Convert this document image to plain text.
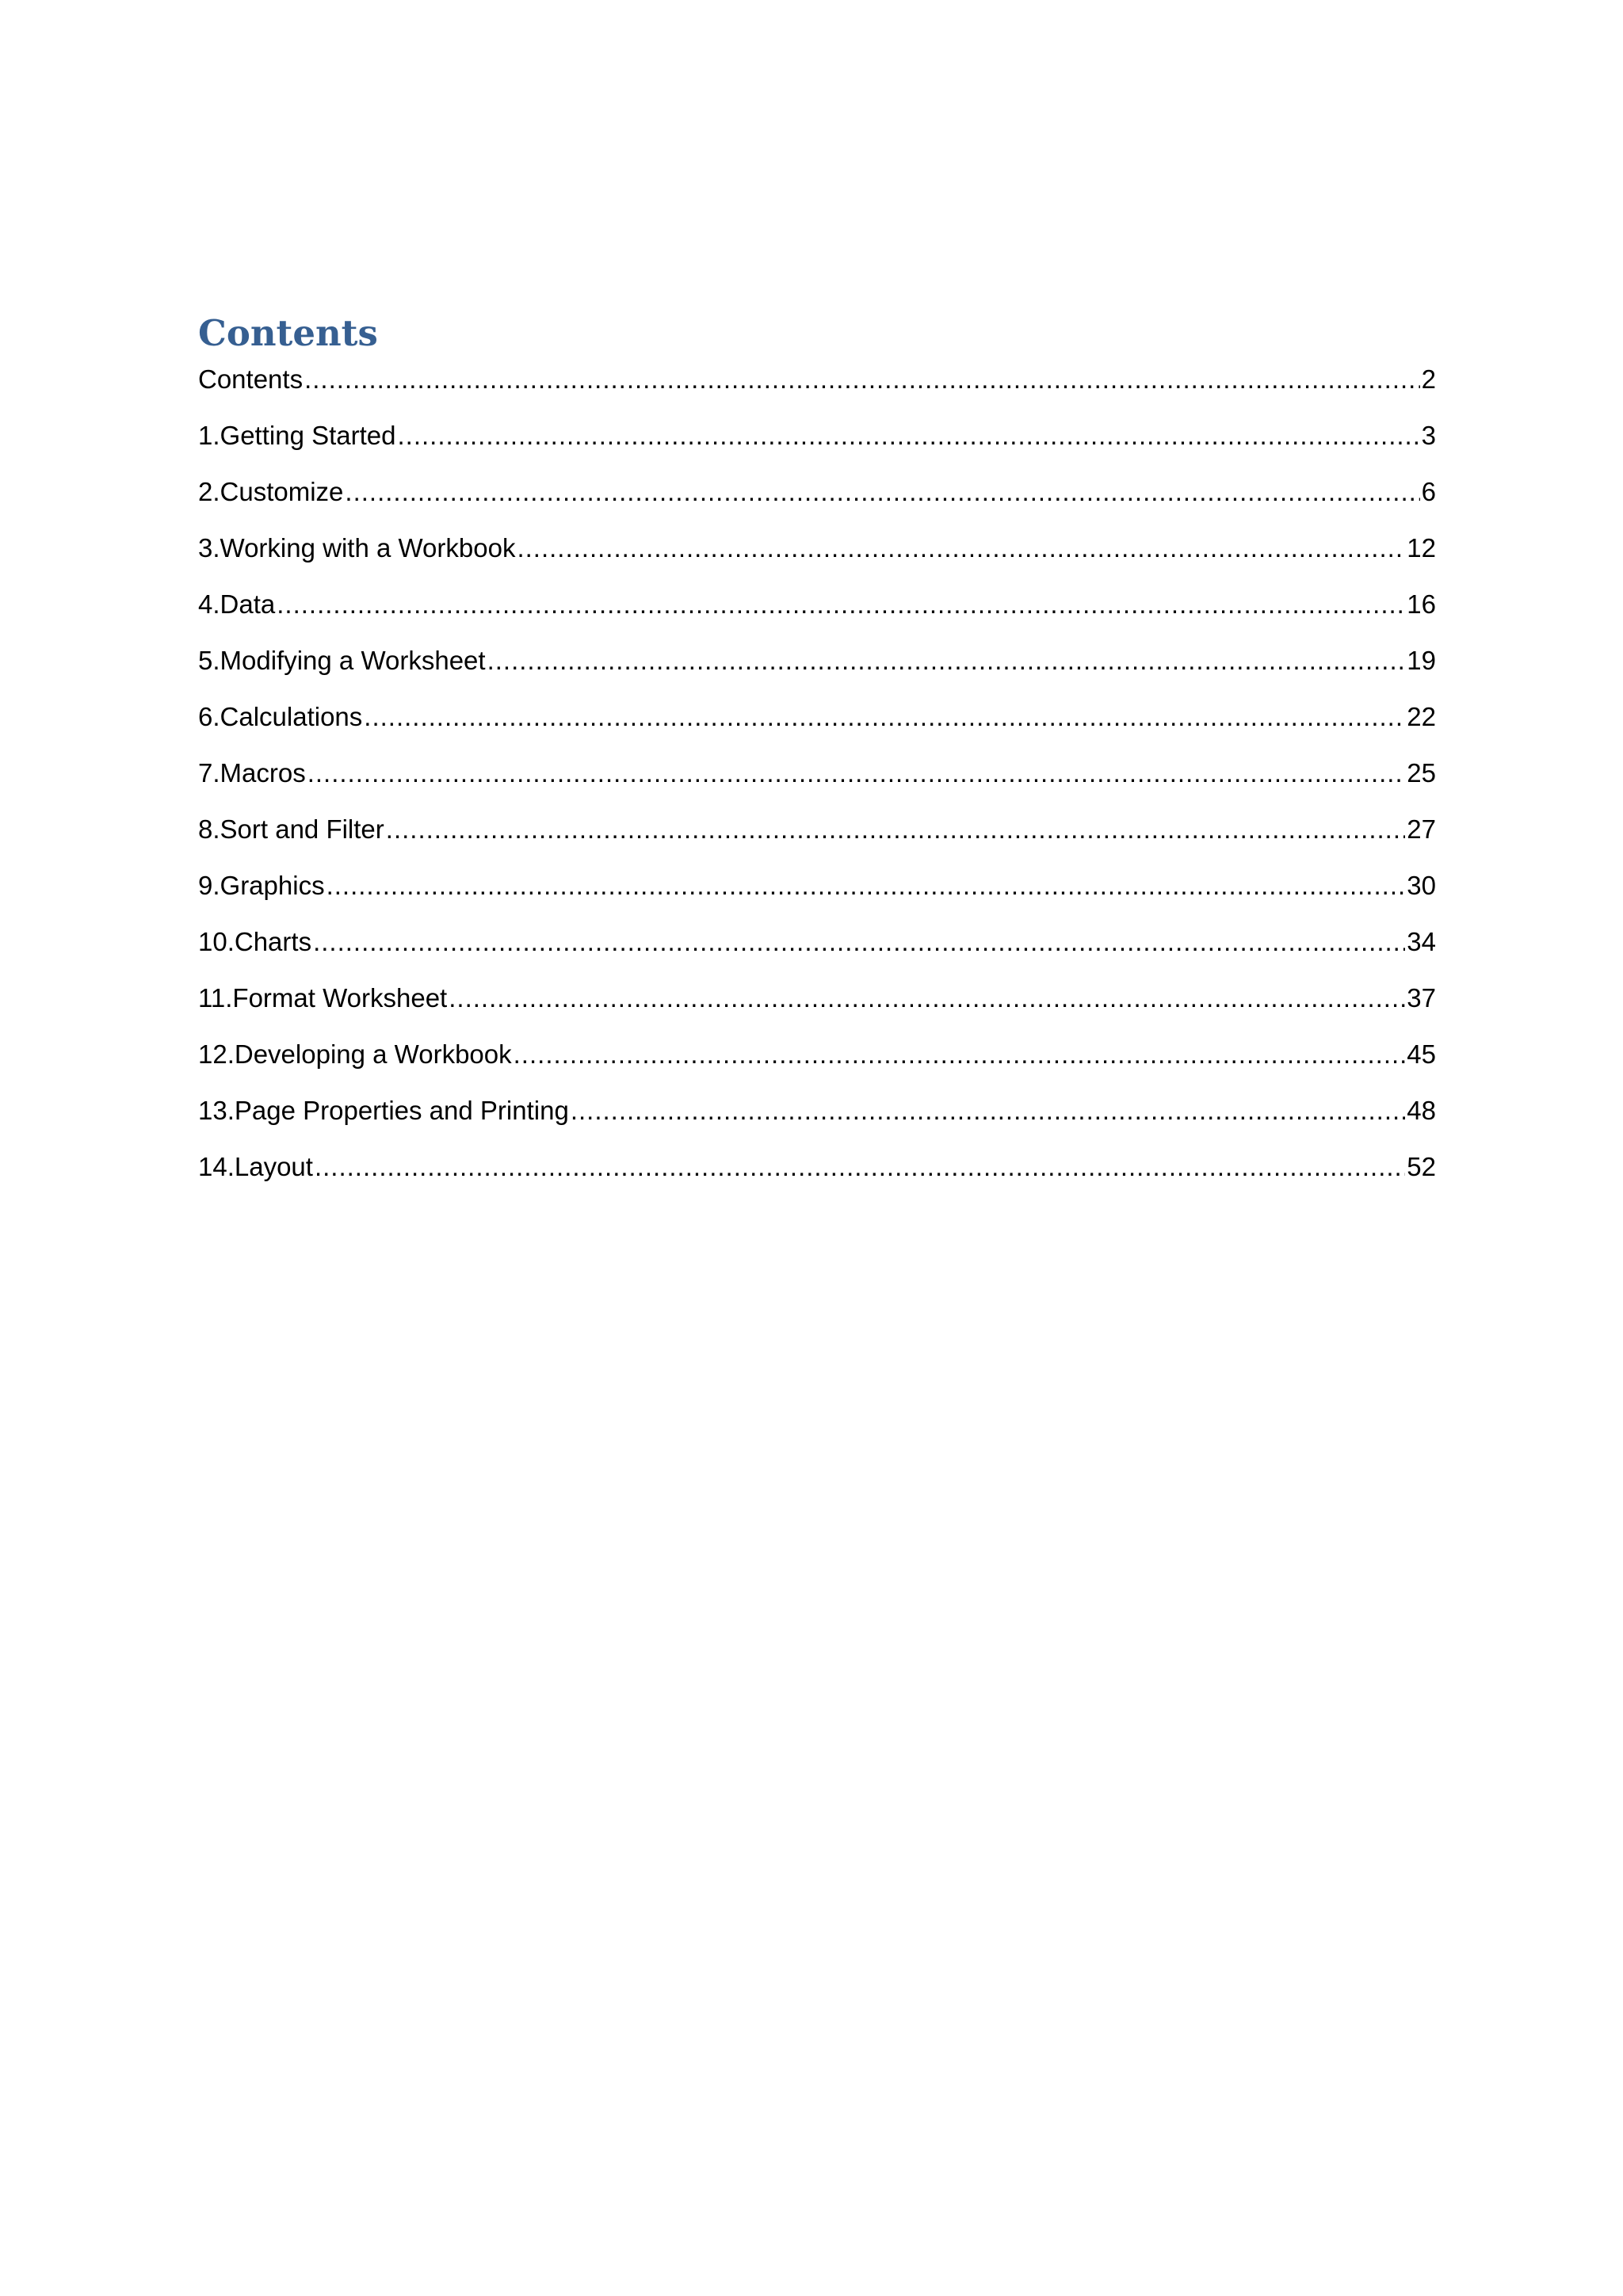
Contents
Contents .....	2
1.Getting Started .....	3
2.Customize .....	6
3.Working with a Workbook .....	12
4.Data .....	16
5.Modifying a Worksheet .....	19
6.Calculations .....	22
7.Macros .....	25
8.Sort and Filter .....	27
9.Graphics .....	30
10.Charts .....	34
11.Format Worksheet .....	37
12.Developing a Workbook .....	45
13.Page Properties and Printing .....	48
14.Layout .....	52
